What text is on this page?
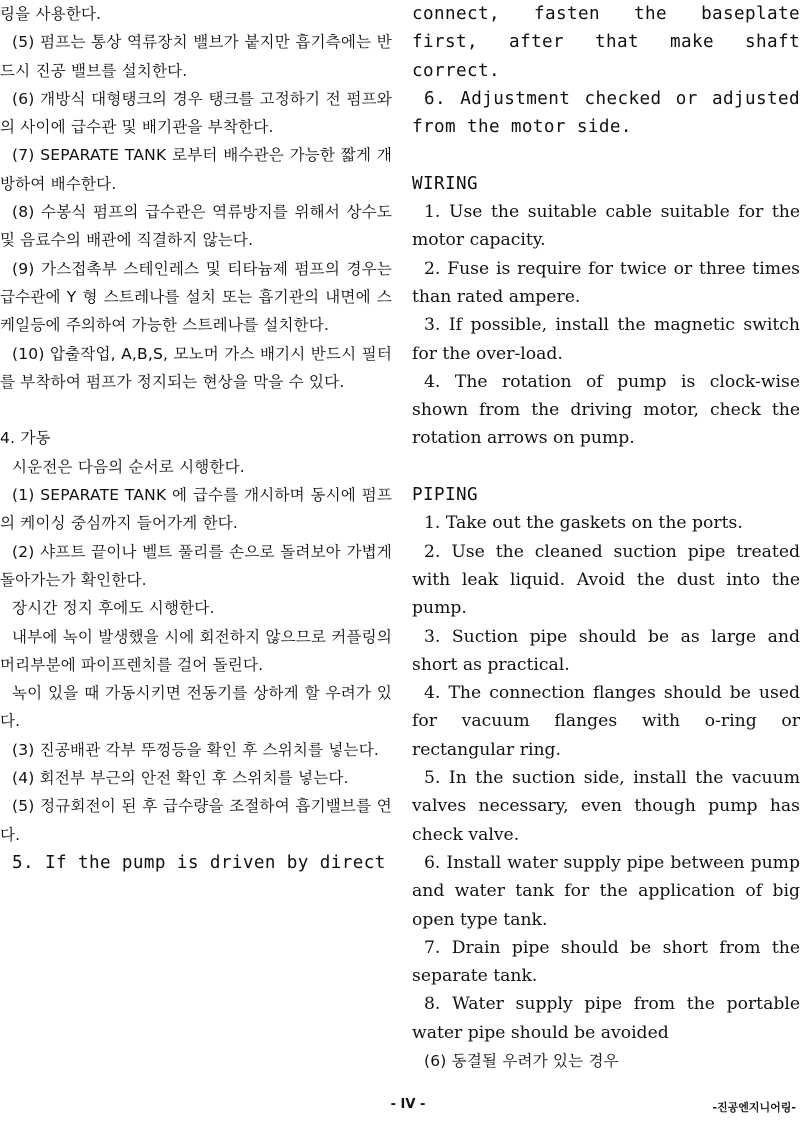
링을 사용한다.

(5) 펌프는 통상 역류장치 밸브가 붙지만 흡기측에는 반드시 진공 밸브를 설치한다.

(6) 개방식 대형탱크의 경우 탱크를 고정하기 전 펌프와의 사이에 급수관 및 배기관을 부착한다.

(7) SEPARATE TANK 로부터 배수관은 가능한 짧게 개방하여 배수한다.

(8) 수봉식 펌프의 급수관은 역류방지를 위해서 상수도 및 음료수의 배관에 직결하지 않는다.

(9) 가스접촉부 스테인레스 및 티타늄제 펌프의 경우는 급수관에 Y 형 스트레나를 설치 또는 흡기관의 내면에 스케일등에 주의하여 가능한 스트레나를 설치한다.

(10) 압출작업, A,B,S, 모노머 가스 배기시 반드시 필터를 부착하여 펌프가 정지되는 현상을 막을 수 있다.

4. 가동

시운전은 다음의 순서로 시행한다.

(1) SEPARATE TANK 에 급수를 개시하며 동시에 펌프의 케이싱 중심까지 들어가게 한다.

(2) 샤프트 끝이나 벨트 풀리를 손으로 돌려보아 가볍게 돌아가는가 확인한다.

장시간 정지 후에도 시행한다.

내부에 녹이 발생했을 시에 회전하지 않으므로 커플링의 머리부분에 파이프렌치를 걸어 돌린다.

녹이 있을 때 가동시키면 전동기를 상하게 할 우려가 있다.

(3) 진공배관 각부 뚜껑등을 확인 후 스위치를 넣는다.

(4) 회전부 부근의 안전 확인 후 스위치를 넣는다.

(5) 정규회전이 된 후 급수량을 조절하여 흡기밸브를 연다.

5. If the pump is driven by direct

connect, fasten the baseplate first, after that make shaft correct.

6. Adjustment checked or adjusted from the motor side.

WIRING

1. Use the suitable cable suitable for the motor capacity.

2. Fuse is require for twice or three times than rated ampere.

3. If possible, install the magnetic switch for the over-load.

4. The rotation of pump is clock-wise shown from the driving motor, check the rotation arrows on pump.

PIPING

1. Take out the gaskets on the ports.

2. Use the cleaned suction pipe treated with leak liquid. Avoid the dust into the pump.

3. Suction pipe should be as large and short as practical.

4. The connection flanges should be used for vacuum flanges with o-ring or rectangular ring.

5. In the suction side, install the vacuum valves necessary, even though pump has check valve.

6. Install water supply pipe between pump and water tank for the application of big open type tank.

7. Drain pipe should be short from the separate tank.

8. Water supply pipe from the portable water pipe should be avoided

(6) 동결될 우려가 있는 경우

- IV -	-진공엔지니어링-
